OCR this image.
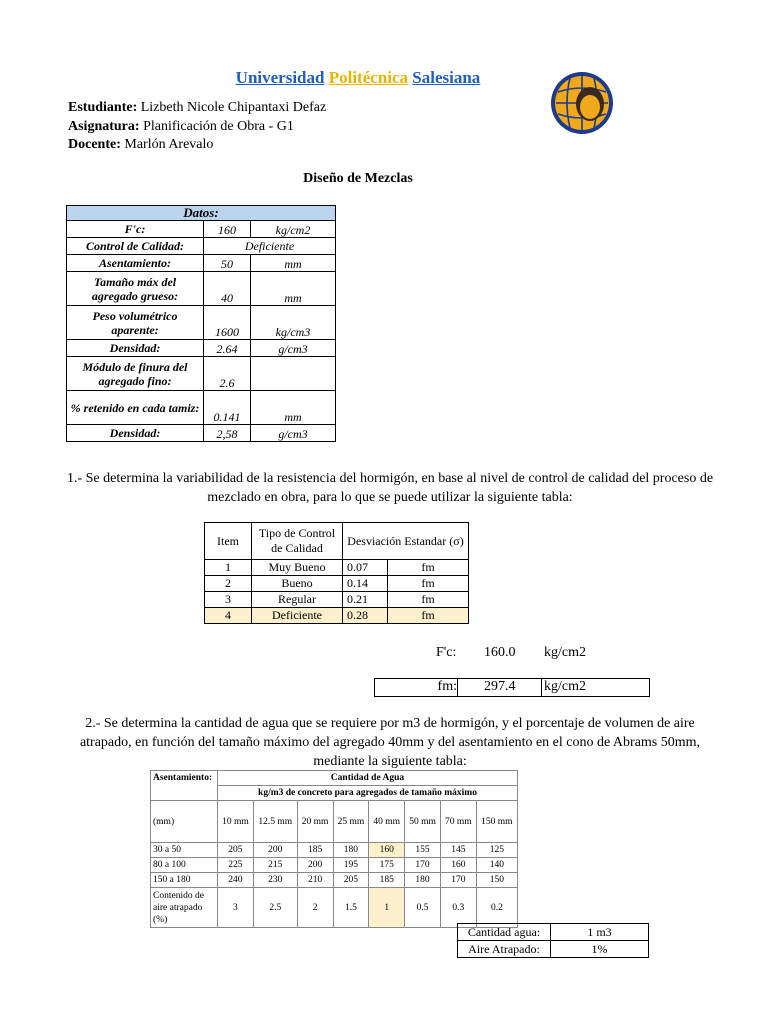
Universidad Politécnica Salesiana
Estudiante: Lizbeth Nicole Chipantaxi Defaz
Asignatura: Planificación de Obra - G1
Docente: Marlón Arevalo
Diseño de Mezclas
Datos:		
F'c:	160	kg/cm2
Control de Calidad:	Deficiente	
Asentamiento:	50	mm
Tamaño máx del agregado grueso:	40	mm
Peso volumétrico aparente:	1600	kg/cm3
Densidad:	2.64	g/cm3
Módulo de finura del agregado fino:	2.6	
% retenido en cada tamiz:	0.141	mm
Densidad:	2,58	g/cm3
1.- Se determina la variabilidad de la resistencia del hormigón, en base al nivel de control de calidad del proceso de mezclado en obra, para lo que se puede utilizar la siguiente tabla:
Item	Tipo de Control de Calidad	Desviación Estandar (σ)	
1	Muy Bueno	0.07	fm
2	Bueno	0.14	fm
3	Regular	0.21	fm
4	Deficiente	0.28	fm
F'c: 160.0 kg/cm2
fm: 297.4 kg/cm2
2.- Se determina la cantidad de agua que se requiere por m3 de hormigón, y el porcentaje de volumen de aire atrapado, en función del tamaño máximo del agregado 40mm y del asentamiento en el cono de Abrams 50mm, mediante la siguiente tabla:
Asentamiento:	Cantidad de Agua							
	kg/m3 de concreto para agregados de tamaño máximo							
(mm)	10 mm	12.5 mm	20 mm	25 mm	40 mm	50 mm	70 mm	150 mm
30 a 50	205	200	185	180	160	155	145	125
80 a 100	225	215	200	195	175	170	160	140
150 a 180	240	230	210	205	185	180	170	150
Contenido de aire atrapado (%)	3	2.5	2	1.5	1	0.5	0.3	0.2
Cantidad agua:	1 m3
Aire Atrapado:	1%
